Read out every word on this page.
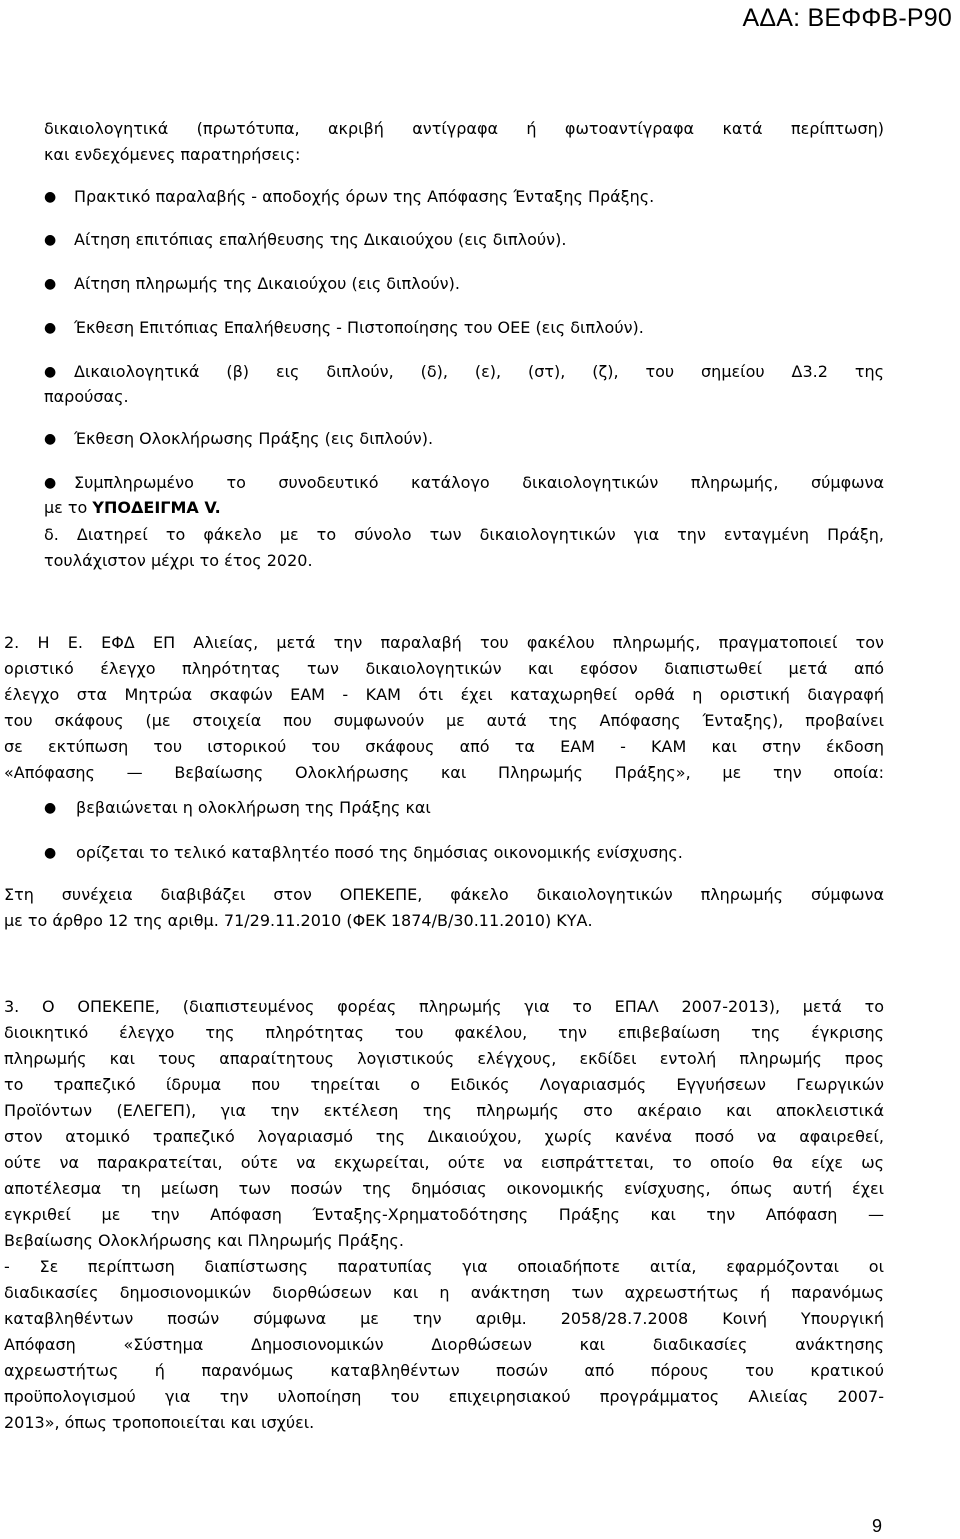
ΑΔΑ: ΒΕΦΦΒ-Ρ90
δικαιολογητικά (πρωτότυπα, ακριβή αντίγραφα ή φωτοαντίγραφα κατά περίπτωση)
και ενδεχόμενες παρατηρήσεις:
●	Πρακτικό παραλαβής - αποδοχής όρων της Απόφασης Ένταξης Πράξης.
●	Αίτηση επιτόπιας επαλήθευσης της Δικαιούχου (εις διπλούν).
●	Αίτηση πληρωμής της Δικαιούχου (εις διπλούν).
●	Έκθεση Επιτόπιας Επαλήθευσης - Πιστοποίησης του ΟΕΕ (εις διπλούν).
●	Δικαιολογητικά (β) εις διπλούν, (δ), (ε), (στ), (ζ), του σημείου Δ3.2 της
παρούσας.
●	Έκθεση Ολοκλήρωσης Πράξης (εις διπλούν).
●	Συμπληρωμένο το συνοδευτικό κατάλογο δικαιολογητικών πληρωμής, σύμφωνα
με το ΥΠΟΔΕΙΓΜΑ V.
δ. Διατηρεί το φάκελο με το σύνολο των δικαιολογητικών για την ενταγμένη Πράξη,
τουλάχιστον μέχρι το έτος 2020.
2. Η Ε. ΕΦΔ ΕΠ Αλιείας, μετά την παραλαβή του φακέλου πληρωμής, πραγματοποιεί τον
οριστικό έλεγχο πληρότητας των δικαιολογητικών και εφόσον διαπιστωθεί μετά από
έλεγχο στα Μητρώα σκαφών ΕΑΜ - ΚΑΜ ότι έχει καταχωρηθεί ορθά η οριστική διαγραφή
του σκάφους (με στοιχεία που συμφωνούν με αυτά της Απόφασης Ένταξης), προβαίνει
σε εκτύπωση του ιστορικού του σκάφους από τα ΕΑΜ - ΚΑΜ και στην έκδοση
«Απόφασης — Βεβαίωσης Ολοκλήρωσης και Πληρωμής Πράξης», με την οποία:
●	βεβαιώνεται η ολοκλήρωση της Πράξης και
●	ορίζεται το τελικό καταβλητέο ποσό της δημόσιας οικονομικής ενίσχυσης.
Στη συνέχεια διαβιβάζει στον ΟΠΕΚΕΠΕ, φάκελο δικαιολογητικών πληρωμής σύμφωνα
με το άρθρο 12 της αριθμ. 71/29.11.2010 (ΦΕΚ 1874/Β/30.11.2010) ΚΥΑ.
3. Ο ΟΠΕΚΕΠΕ, (διαπιστευμένος φορέας πληρωμής για το ΕΠΑΛ 2007-2013), μετά το
διοικητικό έλεγχο της πληρότητας του φακέλου, την επιβεβαίωση της έγκρισης
πληρωμής και τους απαραίτητους λογιστικούς ελέγχους, εκδίδει εντολή πληρωμής προς
το τραπεζικό ίδρυμα που τηρείται ο Ειδικός Λογαριασμός Εγγυήσεων Γεωργικών
Προϊόντων (ΕΛΕΓΕΠ), για την εκτέλεση της πληρωμής στο ακέραιο και αποκλειστικά
στον ατομικό τραπεζικό λογαριασμό της Δικαιούχου, χωρίς κανένα ποσό να αφαιρεθεί,
ούτε να παρακρατείται, ούτε να εκχωρείται, ούτε να εισπράττεται, το οποίο θα είχε ως
αποτέλεσμα τη μείωση των ποσών της δημόσιας οικονομικής ενίσχυσης, όπως αυτή έχει
εγκριθεί με την Απόφαση Ένταξης-Χρηματοδότησης Πράξης και την Απόφαση —
Βεβαίωσης Ολοκλήρωσης και Πληρωμής Πράξης.
- Σε περίπτωση διαπίστωσης παρατυπίας για οποιαδήποτε αιτία, εφαρμόζονται οι
διαδικασίες δημοσιονομικών διορθώσεων και η ανάκτηση των αχρεωστήτως ή παρανόμως
καταβληθέντων ποσών σύμφωνα με την αριθμ. 2058/28.7.2008 Κοινή Υπουργική
Απόφαση «Σύστημα Δημοσιονομικών Διορθώσεων και διαδικασίες ανάκτησης
αχρεωστήτως ή παρανόμως καταβληθέντων ποσών από πόρους του κρατικού
προϋπολογισμού για την υλοποίηση του επιχειρησιακού προγράμματος Αλιείας 2007-
2013», όπως τροποποιείται και ισχύει.
9
